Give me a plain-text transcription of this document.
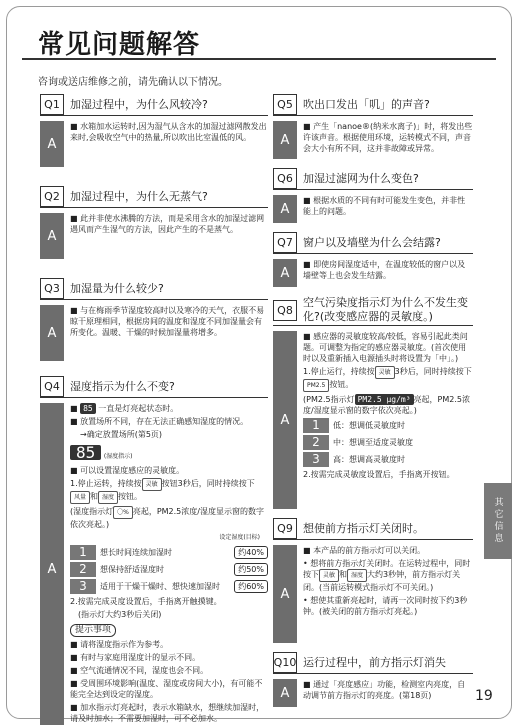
常见问题解答
咨询或送店维修之前，请先确认以下情况。
Q1 加湿过程中，为什么风较冷?
A

■ 水箱加水运转时,因为湿气从含水的加湿过滤网散发出来时,会吸收空气中的热量,所以吹出比室温低的风。

Q2 加湿过程中，为什么无蒸气?
A

■ 此并非使水沸腾的方法，而是采用含水的加湿过滤网遇风而产生湿气的方法，因此产生的不是蒸气。

Q3 加湿量为什么较少?
A

■ 与在梅雨季节湿度较高时以及寒冷的天气，衣服不易晾干原理相同，根据房间的温度和湿度不同加湿量会有所变化。温暖、干燥的时候加湿量将增多。

Q4 湿度指示为什么不变?
A

■ 85 一直是灯亮起状态时。

■ 放置场所不同，存在无法正确感知湿度的情况。

→确定放置场所(第5页)

85 (湿度指示)

■ 可以设置湿度感应的灵敏度。

1.停止运转，持续按 灵敏 按钮3秒后，同时持续按下风量 和 湿度 按钮。

(湿度指示灯 〇% 亮起，PM2.5浓度/湿度显示窗的数字依次亮起。)

设定湿度(目标)

1	想长时间连续加湿时	约40%
2	想保持舒适湿度时	约50%
3	适用于干燥干燥时、想快速加湿时	约60%

2.按需完成灵度设置后，手指离开触摸键。

(指示灯大约3秒后关闭)

提示事项

■ 请将湿度指示作为参考。

■ 有时与家庭用湿度计的显示不同。

■ 空气流通情况不同，湿度也会不同。

■ 受周围环境影响(温度、湿度或房间大小)，有可能不能完全达到设定的湿度。

■ 加水指示灯亮起时，表示水箱缺水，想继续加湿时，请及时加水；不需要加湿时，可不必加水。

Q5 吹出口发出「叽」的声音?
A

■ 产生「nanoe®(纳米水离子)」时，将发出些许该声音。根据使用环境，运转模式不同，声音会大小有所不同，这并非故障或异常。

Q6 加湿过滤网为什么变色?
A

■ 根据水质的不同有时可能发生变色，并非性能上的问题。

Q7 窗户以及墙壁为什么会结露?
A

■ 即使房间湿度适中，在温度较低的窗户以及墙壁等上也会发生结露。

Q8
空气污染度指示灯为什么不发生变化?(改变感应器的灵敏度。)
A

■ 感应器的灵敏度较高/较低，容易引起此类问题。可调整为指定的感应器灵敏度。(首次使用时以及重新插入电源插头时将设置为「中」。)

1.停止运行，持续按 灵敏 3秒后，同时持续按下PM2.5 按钮。

(PM2.5指示灯 PM2.5 μg/m³ 亮起，PM2.5浓度/湿度显示窗的数字依次亮起。)

1	低：想调低灵敏度时
2	中：想调至适度灵敏度
3	高：想调高灵敏度时

2.按需完成灵敏度设置后，手指离开按钮。

Q9 想使前方指示灯关闭时。
A

■ 本产品的前方指示灯可以关闭。

• 想将前方指示灯关闭时。在运转过程中，同时按下 灵敏 和 湿度 大约3秒钟，前方指示灯关闭。(当前运转模式指示灯不可关闭。)

• 想使其重新亮起时，请再一次同时按下约3秒钟。(被关闭的前方指示灯亮起。)

Q10 运行过程中，前方指示灯消失
A

■ 通过「亮度感应」功能，检测室内亮度，自动调节前方指示灯的亮度。(第18页)

其它信息
19
